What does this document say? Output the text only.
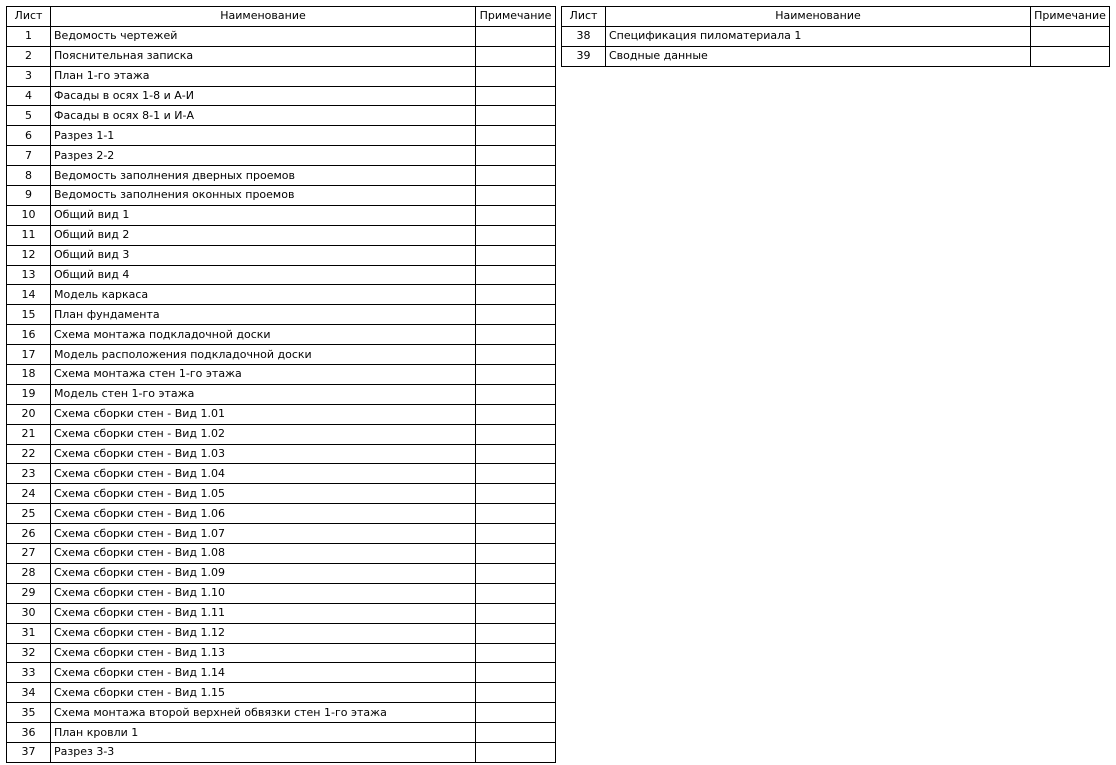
Лист	Наименование	Примечание
1	Ведомость чертежей	
2	Пояснительная записка	
3	План 1-го этажа	
4	Фасады в осях 1-8 и А-И	
5	Фасады в осях 8-1 и И-А	
6	Разрез 1-1	
7	Разрез 2-2	
8	Ведомость заполнения дверных проемов	
9	Ведомость заполнения оконных проемов	
10	Общий вид 1	
11	Общий вид 2	
12	Общий вид 3	
13	Общий вид 4	
14	Модель каркаса	
15	План фундамента	
16	Схема монтажа подкладочной доски	
17	Модель расположения подкладочной доски	
18	Схема монтажа стен 1-го этажа	
19	Модель стен 1-го этажа	
20	Схема сборки стен - Вид 1.01	
21	Схема сборки стен - Вид 1.02	
22	Схема сборки стен - Вид 1.03	
23	Схема сборки стен - Вид 1.04	
24	Схема сборки стен - Вид 1.05	
25	Схема сборки стен - Вид 1.06	
26	Схема сборки стен - Вид 1.07	
27	Схема сборки стен - Вид 1.08	
28	Схема сборки стен - Вид 1.09	
29	Схема сборки стен - Вид 1.10	
30	Схема сборки стен - Вид 1.11	
31	Схема сборки стен - Вид 1.12	
32	Схема сборки стен - Вид 1.13	
33	Схема сборки стен - Вид 1.14	
34	Схема сборки стен - Вид 1.15	
35	Схема монтажа второй верхней обвязки стен 1-го этажа	
36	План кровли 1	
37	Разрез 3-3	
Лист	Наименование	Примечание
38	Спецификация пиломатериала 1	
39	Сводные данные	
